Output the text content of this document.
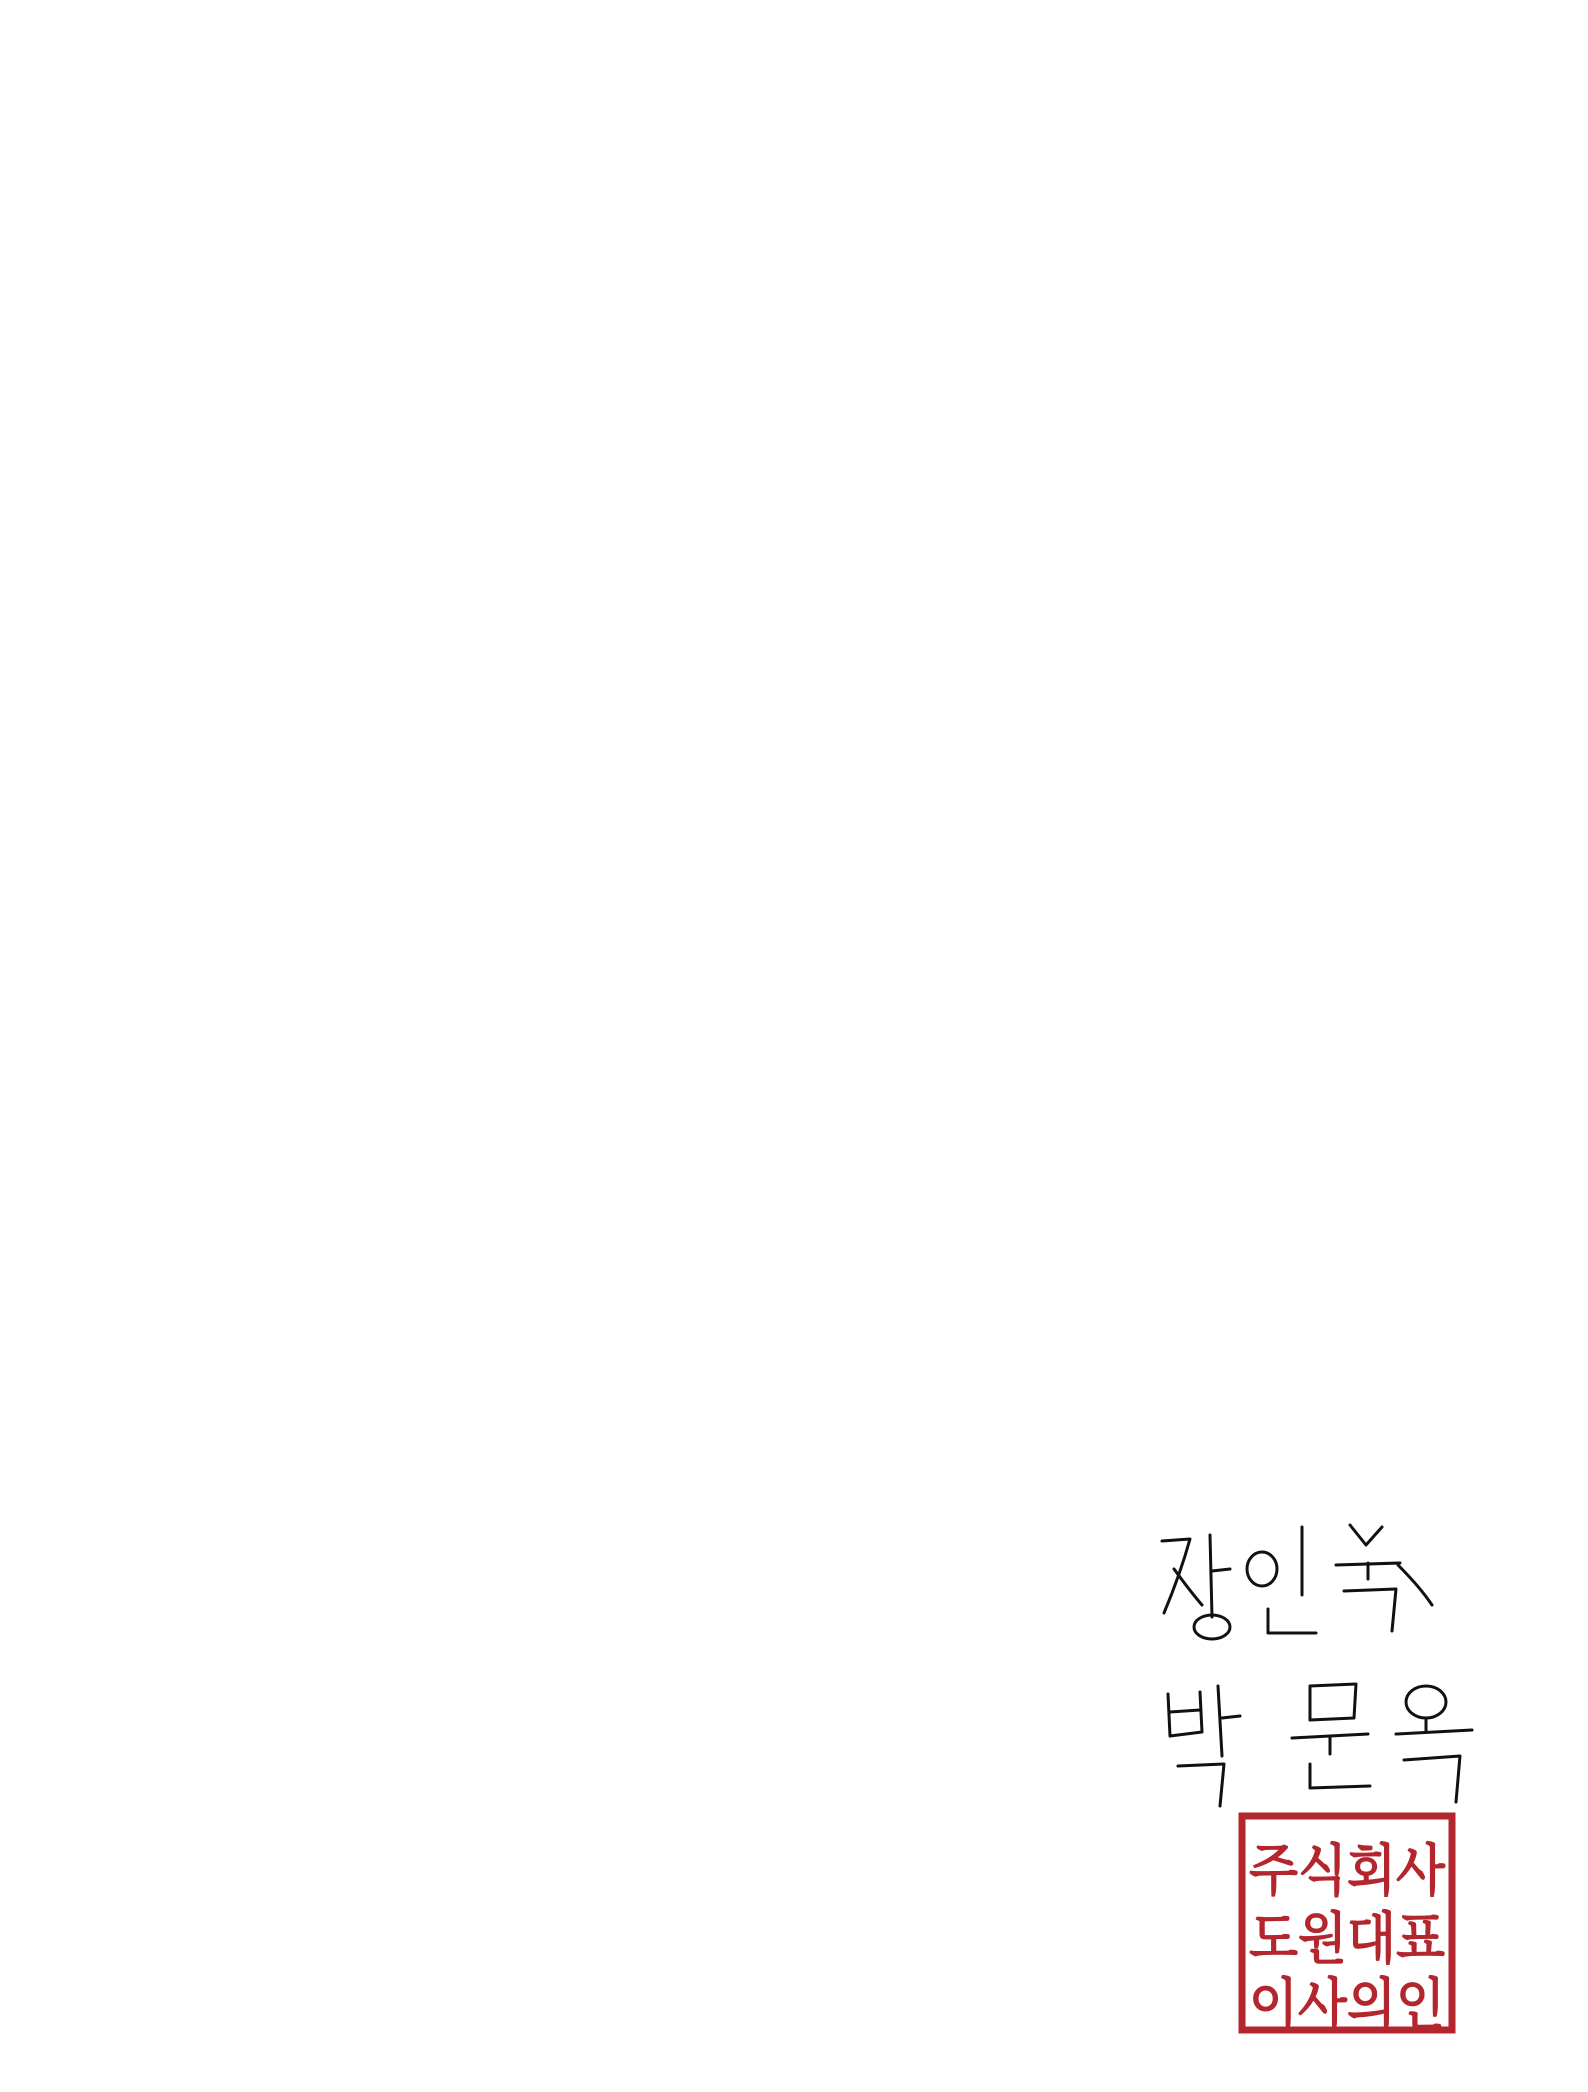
주식회사
도원대표
이사의인
